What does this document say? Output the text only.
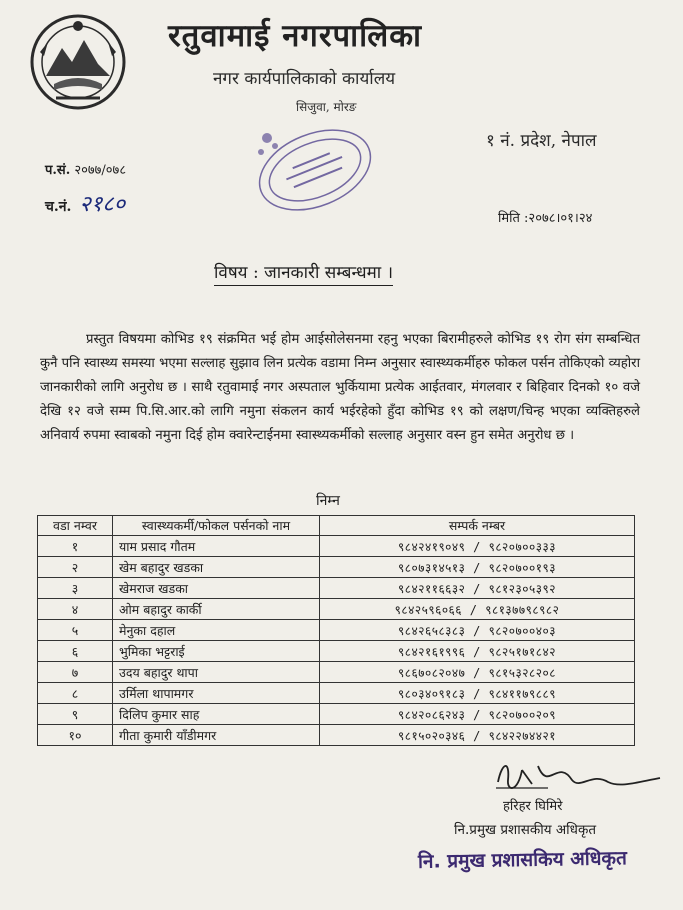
रतुवामाई नगरपालिका
नगर कार्यपालिकाको कार्यालय
सिजुवा, मोरङ
१ नं. प्रदेश, नेपाल
प.सं. २०७७/०७८
च.नं. २१८०
मिति :२०७८।०१।२४
विषय : जानकारी सम्बन्धमा ।
प्रस्तुत विषयमा कोभिड १९ संक्रमित भई होम आईसोलेसनमा रहनु भएका बिरामीहरुले कोभिड १९ रोग संग सम्बन्धित कुनै पनि स्वास्थ्य समस्या भएमा सल्लाह सुझाव लिन प्रत्येक वडामा निम्न अनुसार स्वास्थ्यकर्मीहरु फोकल पर्सन तोकिएको व्यहोरा जानकारीको लागि अनुरोध छ । साथै रतुवामाई नगर अस्पताल भुर्कियामा प्रत्येक आईतवार, मंगलवार र बिहिवार दिनको १० वजे देखि १२ वजे सम्म पि.सि.आर.को लागि नमुना संकलन कार्य भईरहेको हुँदा कोभिड १९ को लक्षण/चिन्ह भएका व्यक्तिहरुले अनिवार्य रुपमा स्वाबको नमुना दिई होम क्वारेन्टाईनमा स्वास्थ्यकर्मीको सल्लाह अनुसार वस्न हुन समेत अनुरोध छ ।
निम्न
वडा नम्वर	स्वास्थ्यकर्मी/फोकल पर्सनको नाम	सम्पर्क नम्बर
१	याम प्रसाद गौतम	९८४२४१९०४९ / ९८२०७००३३३
२	खेम बहादुर खडका	९८०७३१४५१३ / ९८२०७००१९३
३	खेमराज खडका	९८४२११६६३२ / ९८१२३०५३९२
४	ओम बहादुर कार्की	९८४२५९६०६६ / ९८१३७७९८९८२
५	मेनुका दहाल	९८४२६५८३८३ / ९८२०७००४०३
६	भुमिका भट्टराई	९८४२१६१९९६ / ९८२५१७१८४२
७	उदय बहादुर थापा	९८६७०८२०४७ / ९८१५३२८२०८
८	उर्मिला थापामगर	९८०३४०९१८३ / ९८४११७९८८९
९	दिलिप कुमार साह	९८४२०८६२४३ / ९८२०७००२०९
१०	गीता कुमारी याँडीमगर	९८१५०२०३४६ / ९८४२२७४४२१
हरिहर घिमिरे
नि.प्रमुख प्रशासकीय अधिकृत
नि. प्रमुख प्रशासकिय अधिकृत
